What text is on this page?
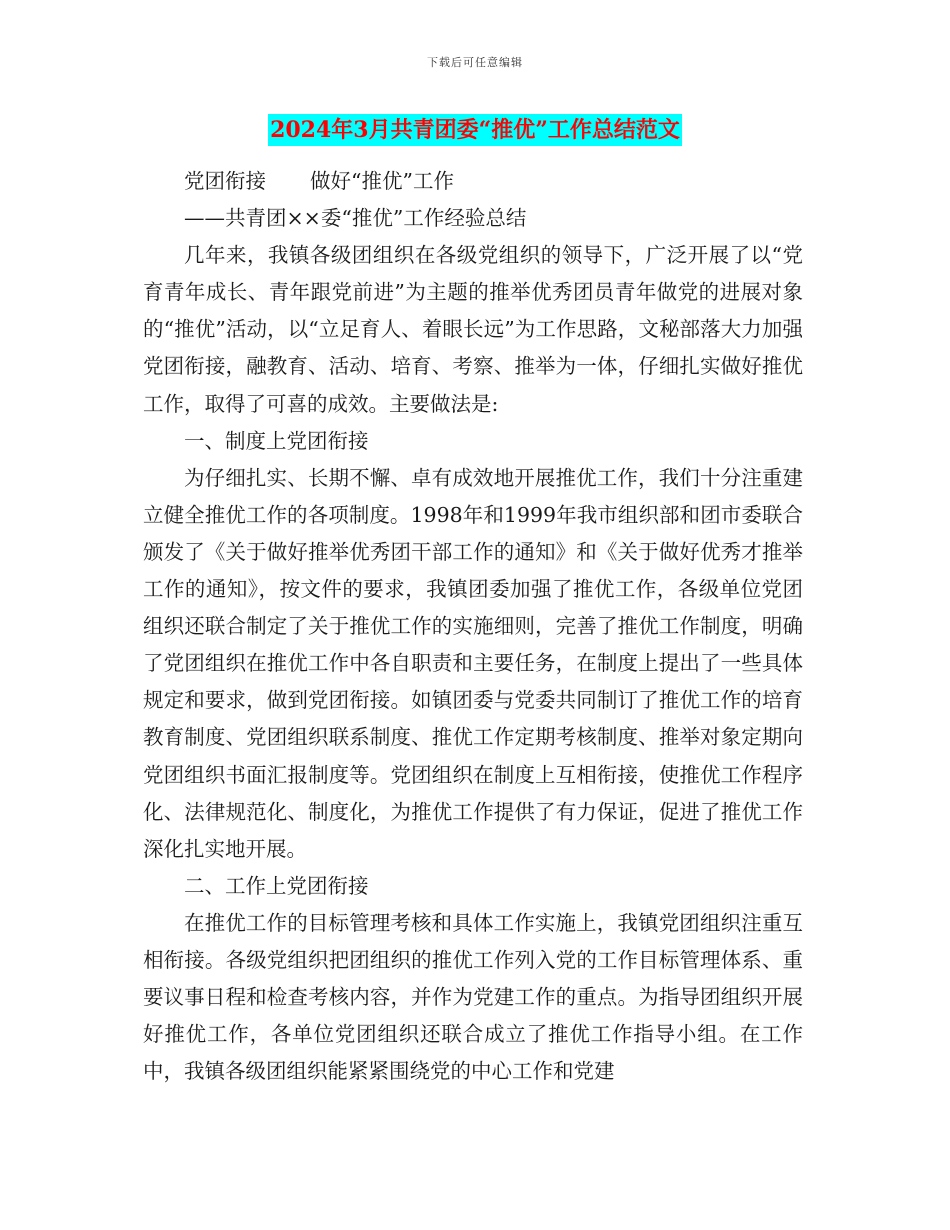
下载后可任意编辑
2024年3月共青团委“推优”工作总结范文

党团衔接 做好“推优”工作

——共青团××委“推优”工作经验总结

几年来，我镇各级团组织在各级党组织的领导下，广泛开展了以“党育青年成长、青年跟党前进”为主题的推举优秀团员青年做党的进展对象的“推优”活动，以“立足育人、着眼长远”为工作思路，文秘部落大力加强党团衔接，融教育、活动、培育、考察、推举为一体，仔细扎实做好推优工作，取得了可喜的成效。主要做法是:

一、制度上党团衔接

为仔细扎实、长期不懈、卓有成效地开展推优工作，我们十分注重建立健全推优工作的各项制度。1998年和1999年我市组织部和团市委联合颁发了《关于做好推举优秀团干部工作的通知》和《关于做好优秀才推举工作的通知》，按文件的要求，我镇团委加强了推优工作，各级单位党团组织还联合制定了关于推优工作的实施细则，完善了推优工作制度，明确了党团组织在推优工作中各自职责和主要任务，在制度上提出了一些具体规定和要求，做到党团衔接。如镇团委与党委共同制订了推优工作的培育教育制度、党团组织联系制度、推优工作定期考核制度、推举对象定期向党团组织书面汇报制度等。党团组织在制度上互相衔接，使推优工作程序化、法律规范化、制度化，为推优工作提供了有力保证，促进了推优工作深化扎实地开展。

二、工作上党团衔接

在推优工作的目标管理考核和具体工作实施上，我镇党团组织注重互相衔接。各级党组织把团组织的推优工作列入党的工作目标管理体系、重要议事日程和检查考核内容，并作为党建工作的重点。为指导团组织开展好推优工作，各单位党团组织还联合成立了推优工作指导小组。在工作中，我镇各级团组织能紧紧围绕党的中心工作和党建
